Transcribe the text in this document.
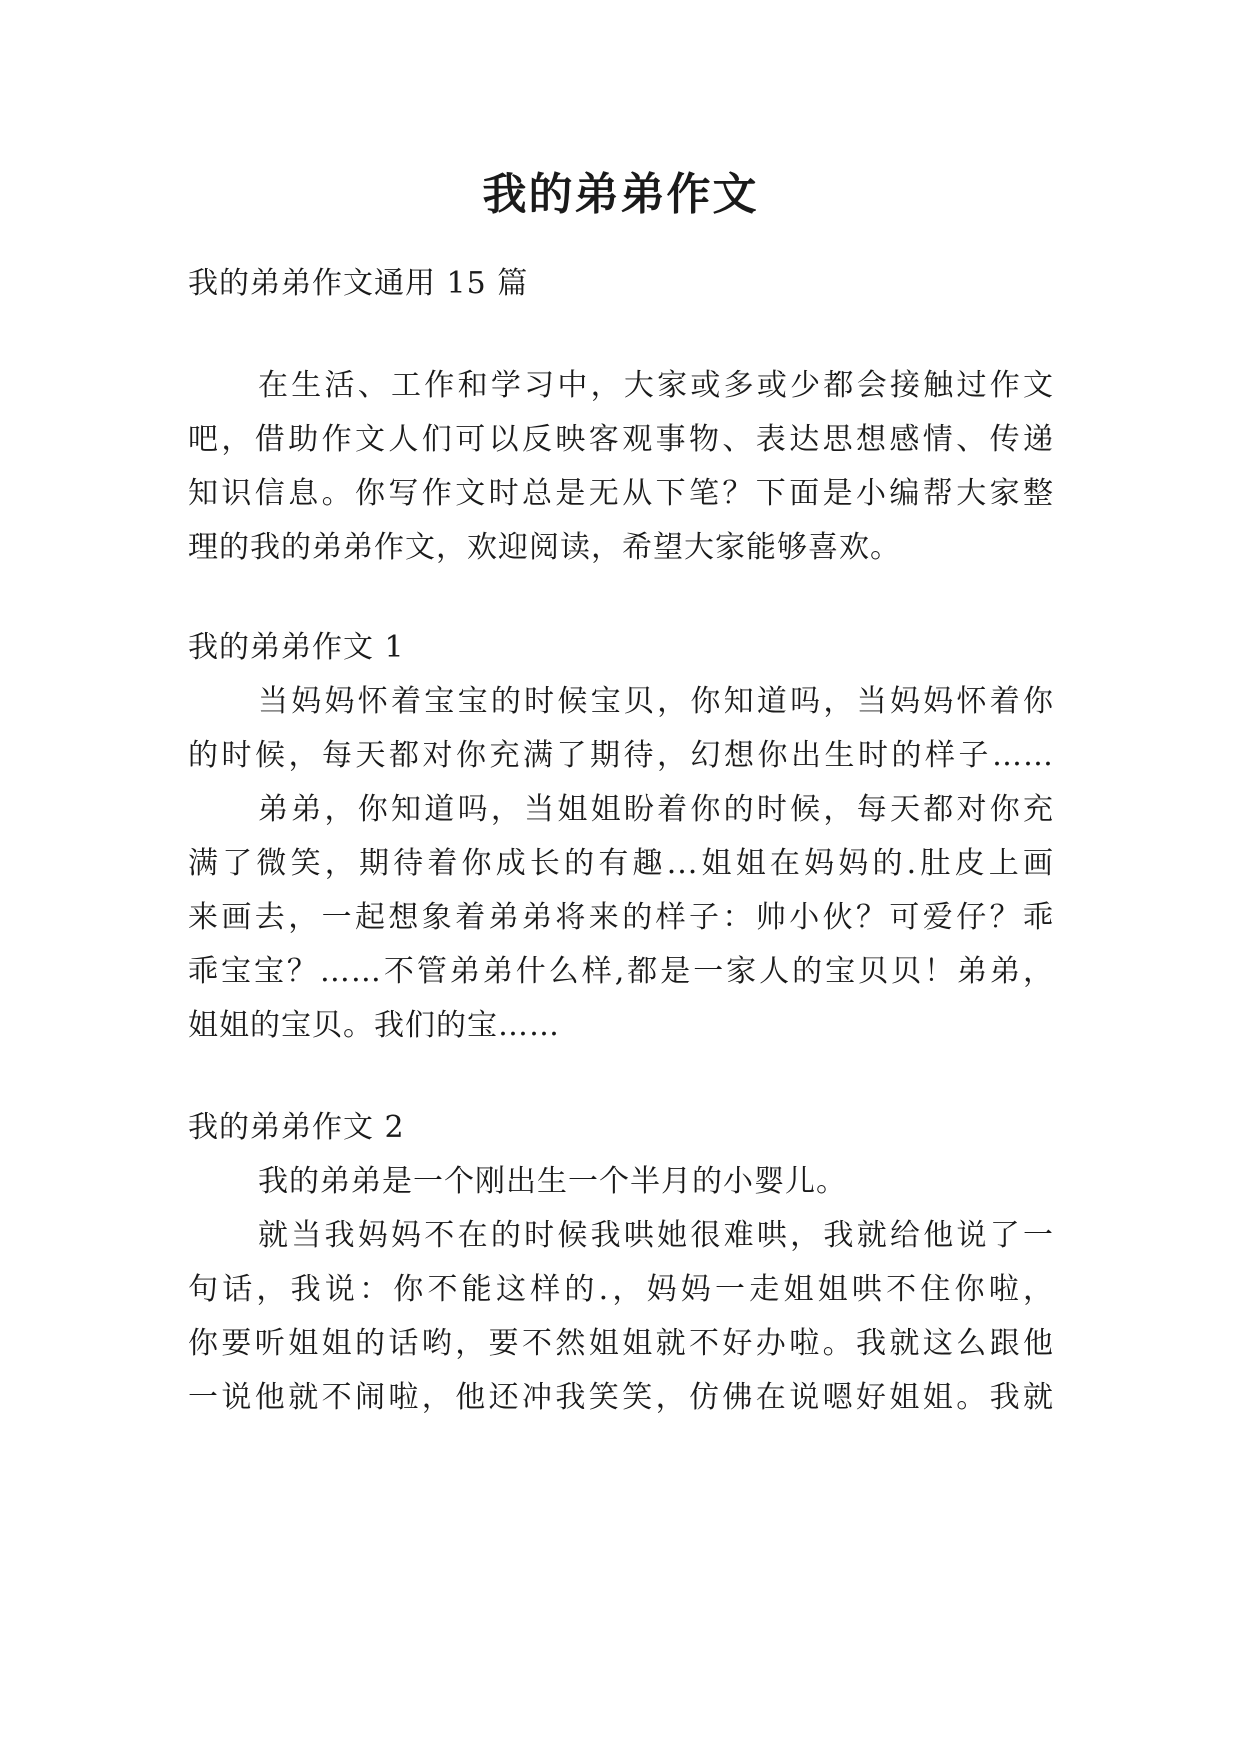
我的弟弟作文
我的弟弟作文通用 15 篇
在生活、工作和学习中，大家或多或少都会接触过作文
吧，借助作文人们可以反映客观事物、表达思想感情、传递
知识信息。你写作文时总是无从下笔？下面是小编帮大家整
理的我的弟弟作文，欢迎阅读，希望大家能够喜欢。
我的弟弟作文 1
当妈妈怀着宝宝的时候宝贝，你知道吗，当妈妈怀着你
的时候，每天都对你充满了期待，幻想你出生时的样子……
弟弟，你知道吗，当姐姐盼着你的时候，每天都对你充
满了微笑，期待着你成长的有趣...姐姐在妈妈的.肚皮上画
来画去，一起想象着弟弟将来的样子：帅小伙？可爱仔？乖
乖宝宝？……不管弟弟什么样,都是一家人的宝贝贝！弟弟，
姐姐的宝贝。我们的宝……
我的弟弟作文 2
我的弟弟是一个刚出生一个半月的小婴儿。
就当我妈妈不在的时候我哄她很难哄，我就给他说了一
句话，我说：你不能这样的.，妈妈一走姐姐哄不住你啦，
你要听姐姐的话哟，要不然姐姐就不好办啦。我就这么跟他
一说他就不闹啦，他还冲我笑笑，仿佛在说嗯好姐姐。我就
